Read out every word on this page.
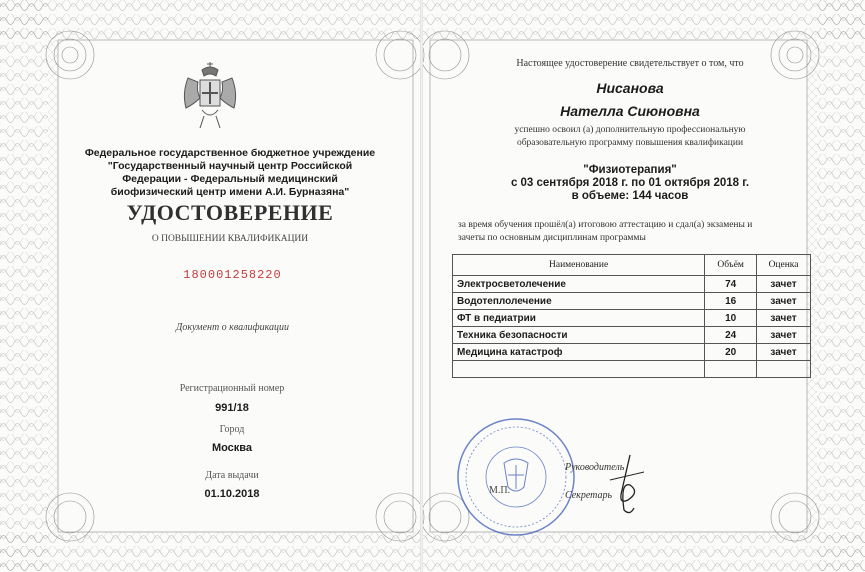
Федеральное государственное бюджетное учреждение "Государственный научный центр Российской Федерации - Федеральный медицинский биофизический центр имени А.И. Бурназяна"
УДОСТОВЕРЕНИЕ
О ПОВЫШЕНИИ КВАЛИФИКАЦИИ
180001258220
Документ о квалификации
Регистрационный номер
991/18
Город
Москва
Дата выдачи
01.10.2018
Настоящее удостоверение свидетельствует о том, что
Нисанова
Нателла Сиюновна
успешно освоил (а) дополнительную профессиональную
образовательную программу повышения квалификации
"Физиотерапия"
с 03 сентября 2018 г. по 01 октября 2018 г.
в объеме: 144 часов
за время обучения прошёл(а) итоговою аттестацию и сдал(а) экзамены и
зачеты по основным дисциплинам программы
Наименование	Объём	Оценка
Электросветолечение	74	зачет
Водотеплолечение	16	зачет
ФТ в педиатрии	10	зачет
Техника безопасности	24	зачет
Медицина катастроф	20	зачет

М.П.
Руководитель
Секретарь
